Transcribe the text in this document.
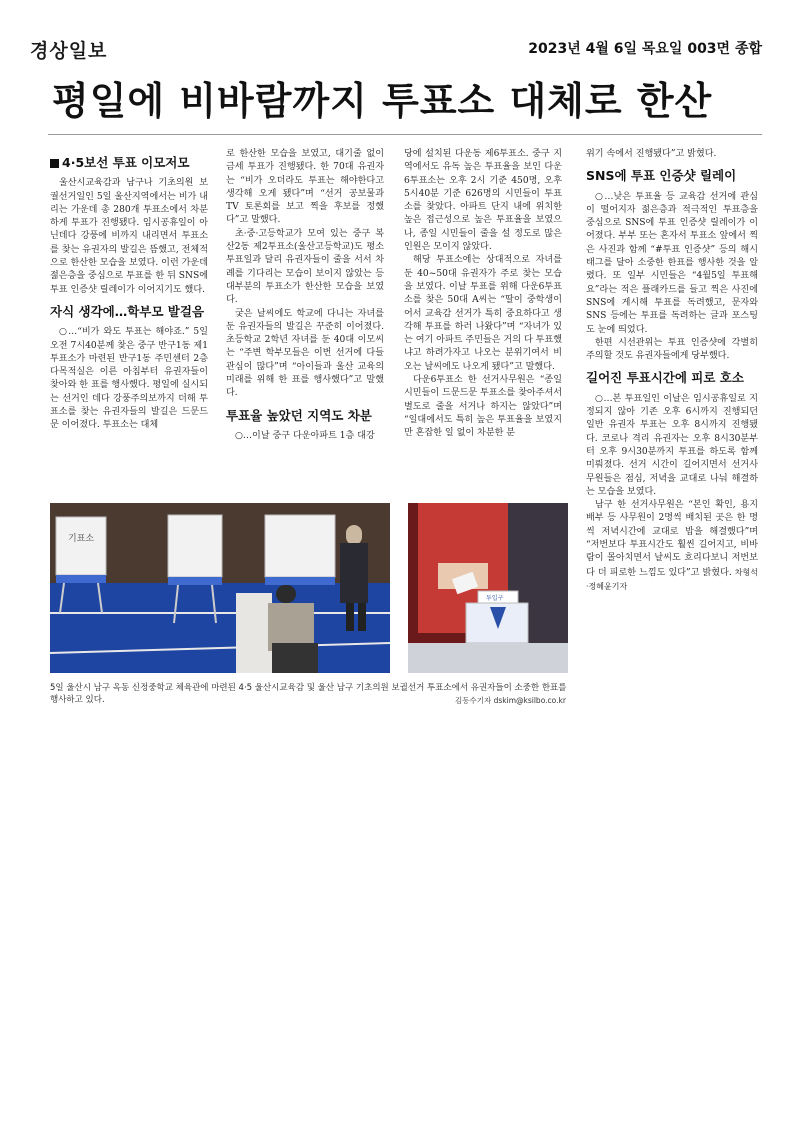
경상일보	2023년 4월 6일 목요일 003면 종합
평일에 비바람까지 투표소 대체로 한산
4·5보선 투표 이모저모

울산시교육감과 남구나 기초의원 보궐선거일인 5일 울산지역에서는 비가 내리는 가운데 총 280개 투표소에서 차분하게 투표가 진행됐다. 임시공휴일이 아닌데다 강풍에 비까지 내리면서 투표소를 찾는 유권자의 발길은 뜸했고, 전체적으로 한산한 모습을 보였다. 이런 가운데 젊은층을 중심으로 투표를 한 뒤 SNS에 투표 인증샷 릴레이가 이어지기도 했다.

자식 생각에…학부모 발걸음

○…“비가 와도 투표는 해야죠.” 5일 오전 7시40분께 찾은 중구 반구1동 제1투표소가 마련된 반구1동 주민센터 2층 다목적실은 이른 아침부터 유권자들이 찾아와 한 표를 행사했다. 평일에 실시되는 선거인 데다 강풍주의보까지 더해 투표소를 찾는 유권자들의 발길은 드문드문 이어졌다. 투표소는 대체

로 한산한 모습을 보였고, 대기줄 없이 금세 투표가 진행됐다. 한 70대 유권자는 “비가 오더라도 투표는 해야한다고 생각해 오게 됐다”며 “선거 공보물과 TV 토론회를 보고 찍을 후보를 정했다”고 말했다.

초·중·고등학교가 모여 있는 중구 복산2동 제2투표소(울산고등학교)도 평소 투표일과 달리 유권자들이 줄을 서서 차례를 기다리는 모습이 보이지 않았는 등 대부분의 투표소가 한산한 모습을 보였다.

궂은 날씨에도 학교에 다니는 자녀를 둔 유권자들의 발길은 꾸준히 이어졌다. 초등학교 2학년 자녀를 둔 40대 이모씨는 “주변 학부모들은 이번 선거에 다들 관심이 많다”며 “아이들과 울산 교육의 미래를 위해 한 표를 행사했다”고 말했다.

투표율 높았던 지역도 차분

○…이날 중구 다운아파트 1층 대강

당에 설치된 다운동 제6투표소. 중구 지역에서도 유독 높은 투표율을 보인 다운6투표소는 오후 2시 기준 450명, 오후 5시40분 기준 626명의 시민들이 투표소를 찾았다. 아파트 단지 내에 위치한 높은 접근성으로 높은 투표율을 보였으나, 종일 시민들이 줄을 설 정도로 많은 인원은 모이지 않았다.

해당 투표소에는 상대적으로 자녀를 둔 40~50대 유권자가 주로 찾는 모습을 보였다. 이날 투표를 위해 다운6투표소를 찾은 50대 A씨는 “딸이 중학생이어서 교육감 선거가 특히 중요하다고 생각해 투표를 하러 나왔다”며 “자녀가 있는 여기 아파트 주민들은 거의 다 투표했냐고 하려가자고 나오는 분위기여서 비오는 날씨에도 나오게 됐다”고 말했다.

다운6투표소 한 선거사무원은 “종일 시민들이 드문드문 투표소를 찾아주셔서 별도로 줄을 서거나 하지는 않았다”며 “일대에서도 특히 높은 투표율을 보였지만 혼잡한 일 없이 차분한 분

위기 속에서 진행됐다”고 밝혔다.

SNS에 투표 인증샷 릴레이

○…낮은 투표율 등 교육감 선거에 관심이 떨어지자 젊은층과 적극적인 투표층을 중심으로 SNS에 투표 인증샷 릴레이가 이어졌다. 부부 또는 혼자서 투표소 앞에서 찍은 사진과 함께 “#투표 인증샷” 등의 해시태그를 달아 소중한 한표를 행사한 것을 알렸다. 또 일부 시민들은 “4월5일 투표해요”라는 적은 플래카드를 들고 찍은 사진에 SNS에 게시해 투표를 독려했고, 문자와 SNS 등에는 투표를 독려하는 글과 포스팅도 눈에 띄었다.

한편 시선관위는 투표 인증샷에 각별히 주의할 것도 유권자들에게 당부했다.

길어진 투표시간에 피로 호소

○…본 투표일인 이날은 임시공휴일로 지정되지 않아 기존 오후 6시까지 진행되던 일반 유권자 투표는 오후 8시까지 진행됐다. 코로나 격리 유권자는 오후 8시30분부터 오후 9시30분까지 투표를 하도록 함께 미뤄졌다. 선거 시간이 길어지면서 선거사무원들은 점심, 저녁을 교대로 나눠 해결하는 모습을 보였다.

남구 한 선거사무원은 “본인 확인, 용지 배부 등 사무원이 2명씩 배치된 곳은 한 명씩 저녁시간에 교대로 밥을 해결했다”며 “저번보다 투표시간도 훨씬 길어지고, 비바람이 몰아치면서 날씨도 흐리다보니 저번보다 더 피로한 느낌도 있다”고 밝혔다. 차형석·정혜윤기자

기표소
투입구
5일 울산시 남구 옥동 신정중학교 체육관에 마련된 4·5 울산시교육감 및 울산 남구 기초의원 보궐선거 투표소에서 유권자들이 소중한 한표를 행사하고 있다.	김동수기자 dskim@ksilbo.co.kr
